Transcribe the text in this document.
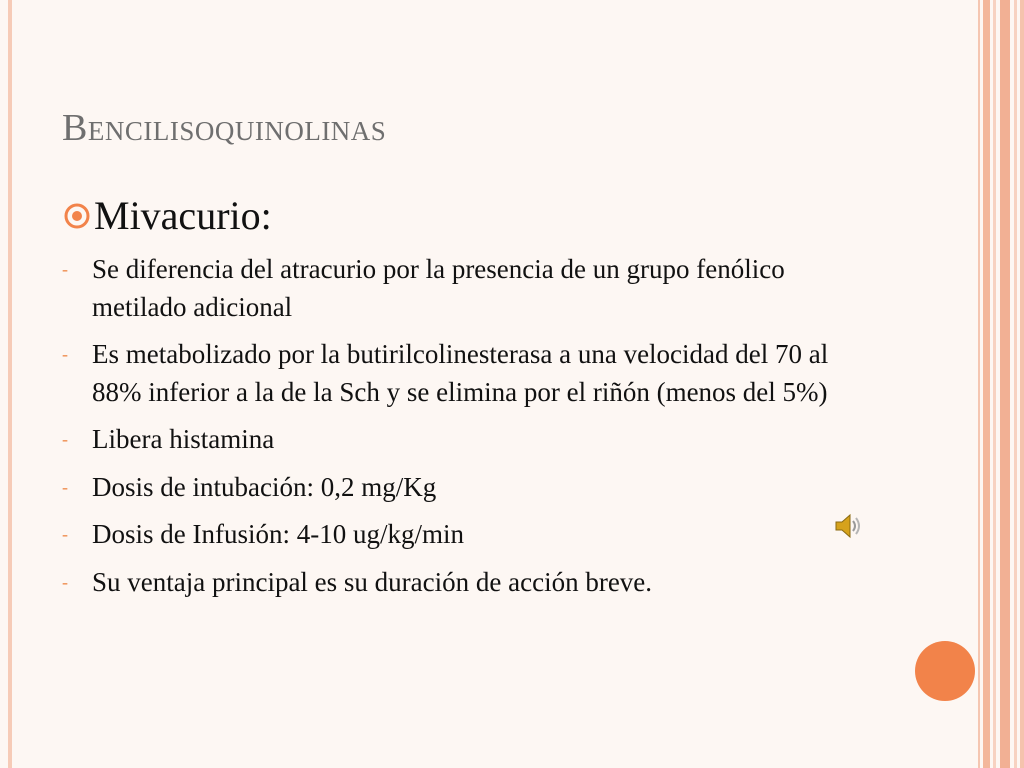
Bencilisoquinolinas
Mivacurio:
- Se diferencia del atracurio por la presencia de un grupo fenólico metilado adicional
- Es metabolizado por la butirilcolinesterasa a una velocidad del 70 al 88% inferior a la de la Sch y se elimina por el riñón (menos del 5%)
- Libera histamina
- Dosis de intubación: 0,2 mg/Kg
- Dosis de Infusión: 4-10 ug/kg/min
- Su ventaja principal es su duración de acción breve.
